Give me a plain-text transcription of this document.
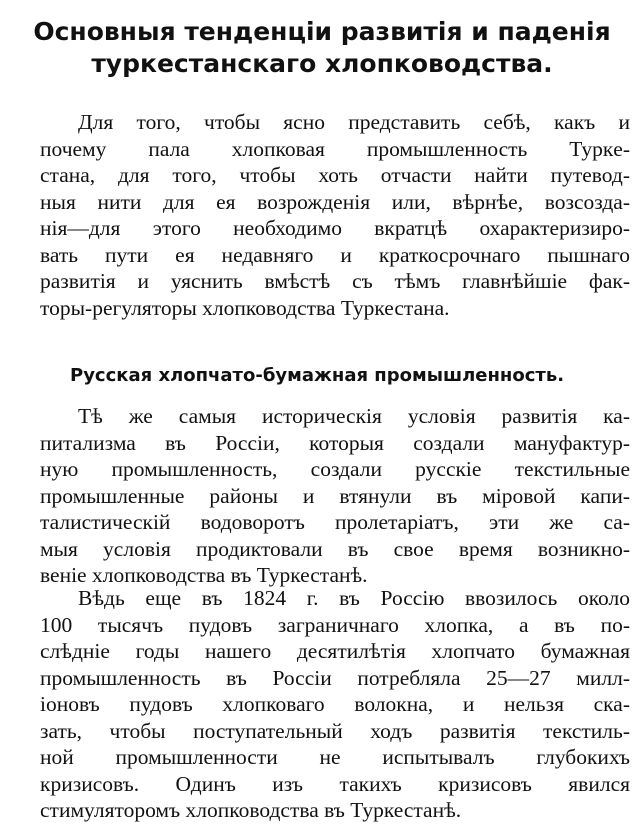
Основныя тенденціи развитія и паденія
туркестанскаго хлопководства.

Для того, чтобы ясно представить себѣ, какъ и
почему пала хлопковая промышленность Туркe-
стана, для того, чтобы хоть отчасти найти путевод-
ныя нити для ея возрожденія или, вѣрнѣе, возсозда-
нія—для этого необходимо вкратцѣ охарактеризиро-
вать пути ея недавняго и краткосрочнаго пышнаго
развитія и уяснить вмѣстѣ съ тѣмъ главнѣйшіе фак-
торы-регуляторы хлопководства Туркестана.

Русская хлопчато-бумажная промышленность.

Тѣ же самыя историческія условія развитія ка-
питализма въ Россіи, которыя создали мануфактур-
ную промышленность, создали русскіе текстильные
промышленные районы и втянули въ міровой капи-
талистическій водоворотъ пролетаріатъ, эти же са-
мыя условія продиктовали въ свое время возникно-
веніе хлопководства въ Туркестанѣ.

Вѣдь еще въ 1824 г. въ Россію ввозилось около
100 тысячъ пудовъ заграничнаго хлопка, а въ по-
слѣдніе годы нашего десятилѣтія хлопчато бумажная
промышленность въ Россіи потребляла 25—27 милл-
іоновъ пудовъ хлопковаго волокна, и нельзя ска-
зать, чтобы поступательный ходъ развитія текстиль-
ной промышленности не испытывалъ глубокихъ
кризисовъ. Одинъ изъ такихъ кризисовъ явился
стимуляторомъ хлопководства въ Туркестанѣ.
